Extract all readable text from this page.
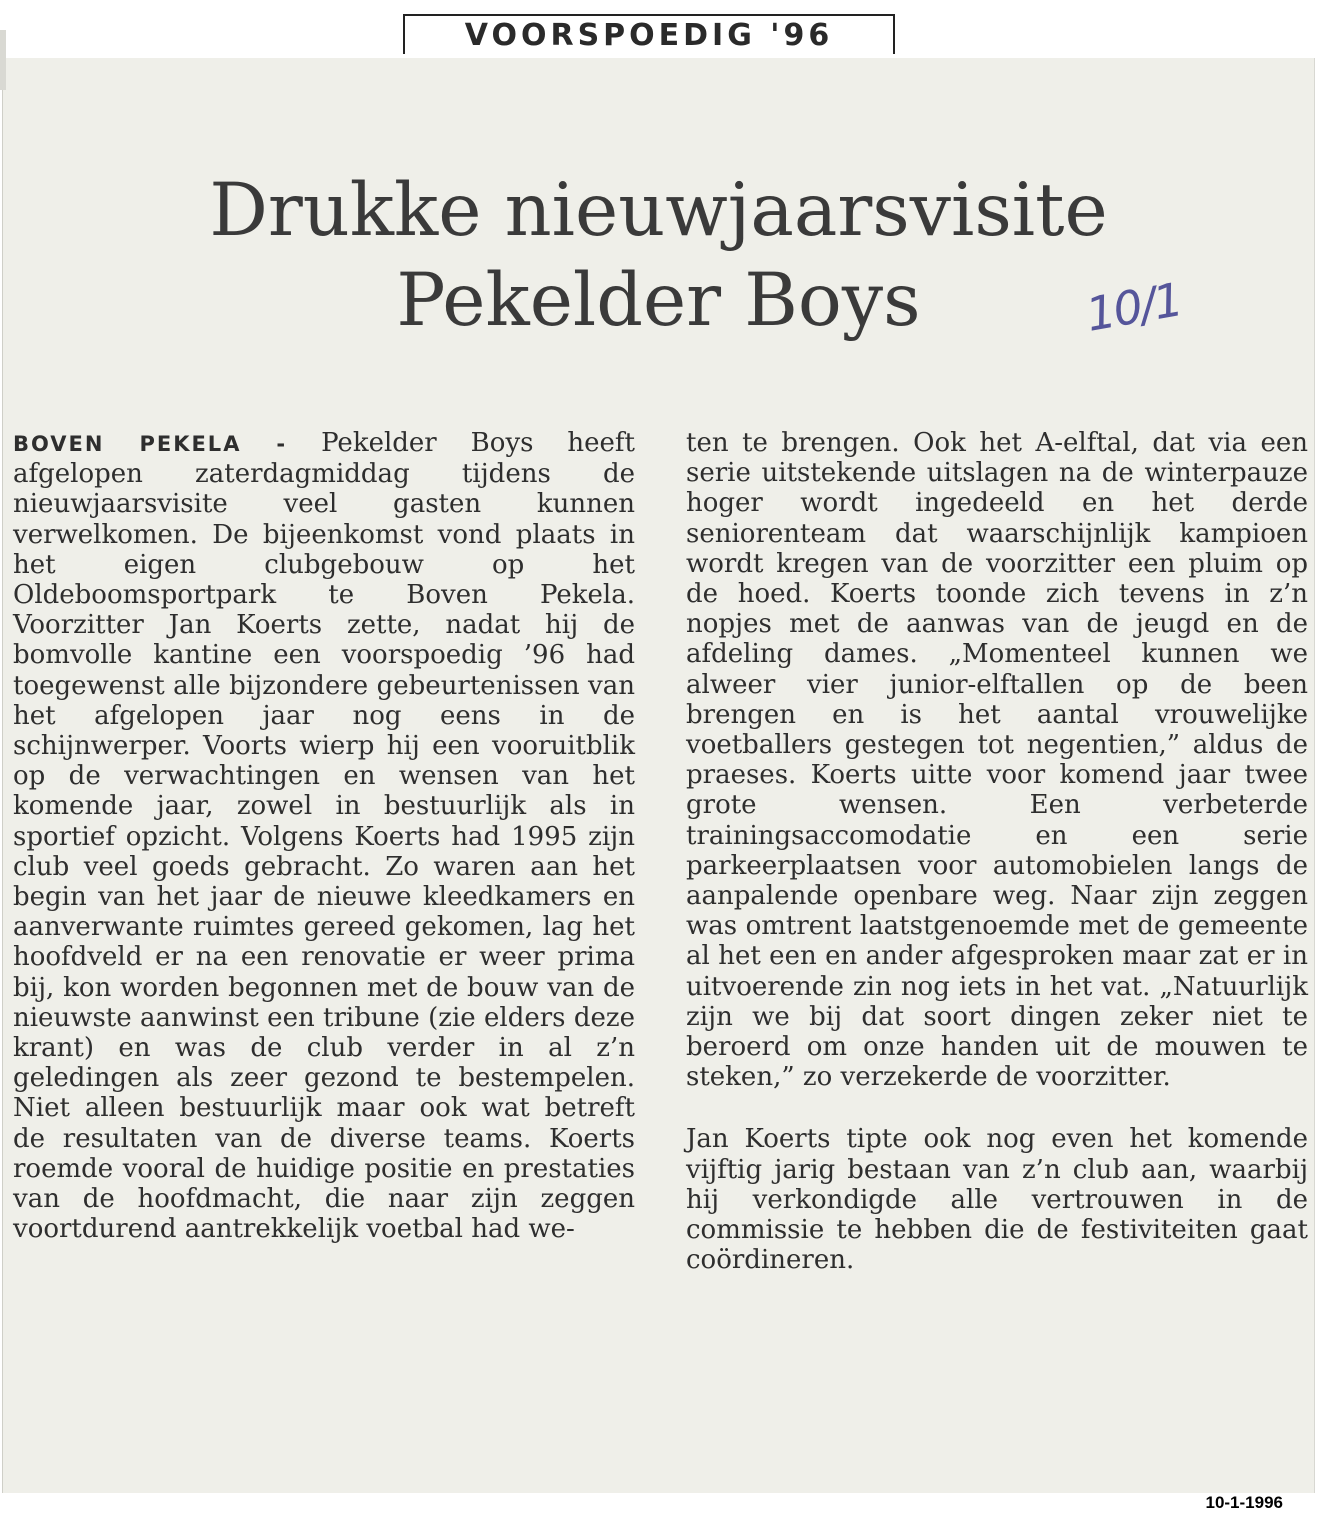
Drukke nieuwjaarsvisite
Pekelder Boys	10/1

BOVEN PEKELA - Pekelder Boys heeft afgelopen zaterdagmiddag tijdens de nieuwjaarsvisite veel gasten kunnen verwelkomen. De bijeenkomst vond plaats in het eigen clubgebouw op het Oldeboomsportpark te Boven Pekela. Voorzitter Jan Koerts zette, nadat hij de bomvolle kantine een voorspoedig ’96 had toegewenst alle bijzondere gebeurtenissen van het afgelopen jaar nog eens in de schijnwerper. Voorts wierp hij een vooruitblik op de verwachtingen en wensen van het komende jaar, zowel in bestuurlijk als in sportief opzicht. Volgens Koerts had 1995 zijn club veel goeds gebracht. Zo waren aan het begin van het jaar de nieuwe kleedkamers en aanverwante ruimtes gereed gekomen, lag het hoofdveld er na een renovatie er weer prima bij, kon worden begonnen met de bouw van de nieuwste aanwinst een tribune (zie elders deze krant) en was de club verder in al z’n geledingen als zeer gezond te bestempelen. Niet alleen bestuurlijk maar ook wat betreft de resultaten van de diverse teams. Koerts roemde vooral de huidige positie en prestaties van de hoofdmacht, die naar zijn zeggen voortdurend aantrekkelijk voetbal had we-

ten te brengen. Ook het A-elftal, dat via een serie uitstekende uitslagen na de winterpauze hoger wordt ingedeeld en het derde seniorenteam dat waarschijnlijk kampioen wordt kregen van de voorzitter een pluim op de hoed. Koerts toonde zich tevens in z’n nopjes met de aanwas van de jeugd en de afdeling dames. „Momenteel kunnen we alweer vier junior-elftallen op de been brengen en is het aantal vrouwelijke voetballers gestegen tot negentien,” aldus de praeses. Koerts uitte voor komend jaar twee grote wensen. Een verbeterde trainingsaccomodatie en een serie parkeerplaatsen voor automobielen langs de aanpalende openbare weg. Naar zijn zeggen was omtrent laatstgenoemde met de gemeente al het een en ander afgesproken maar zat er in uitvoerende zin nog iets in het vat. „Natuurlijk zijn we bij dat soort dingen zeker niet te beroerd om onze handen uit de mouwen te steken,” zo verzekerde de voorzitter.

Jan Koerts tipte ook nog even het komende vijftig jarig bestaan van z’n club aan, waarbij hij verkondigde alle vertrouwen in de commissie te hebben die de festiviteiten gaat coördineren.

VOORSPOEDIG '96
10-1-1996
